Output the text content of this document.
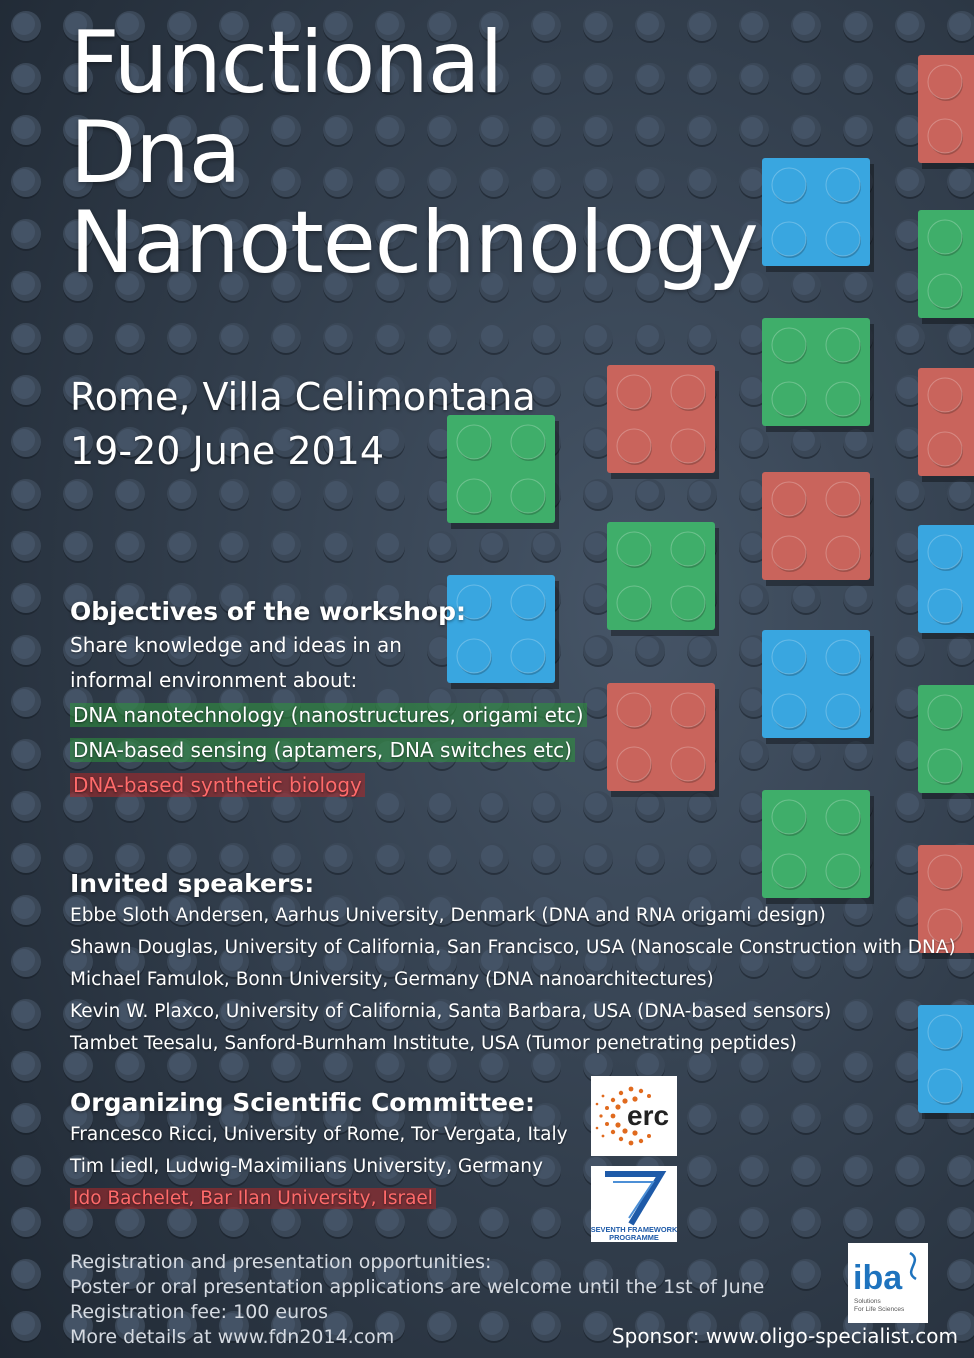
Functional
Dna
Nanotechnology
Rome, Villa Celimontana
19-20 June 2014
Objectives of the workshop:
Share knowledge and ideas in an
informal environment about:
DNA nanotechnology (nanostructures, origami etc)
DNA-based sensing (aptamers, DNA switches etc)
DNA-based synthetic biology
Invited speakers:
Ebbe Sloth Andersen, Aarhus University, Denmark (DNA and RNA origami design)
Shawn Douglas, University of California, San Francisco, USA (Nanoscale Construction with DNA)
Michael Famulok, Bonn University, Germany (DNA nanoarchitectures)
Kevin W. Plaxco, University of California, Santa Barbara, USA (DNA-based sensors)
Tambet Teesalu, Sanford-Burnham Institute, USA (Tumor penetrating peptides)
Organizing Scientific Committee:
Francesco Ricci, University of Rome, Tor Vergata, Italy
Tim Liedl, Ludwig-Maximilians University, Germany
Ido Bachelet, Bar Ilan University, Israel
erc
SEVENTH FRAMEWORK
PROGRAMME
iba
Solutions
For Life Sciences
Registration and presentation opportunities:
Poster or oral presentation applications are welcome until the 1st of June
Registration fee: 100 euros
More details at www.fdn2014.com	Sponsor: www.oligo-specialist.com
